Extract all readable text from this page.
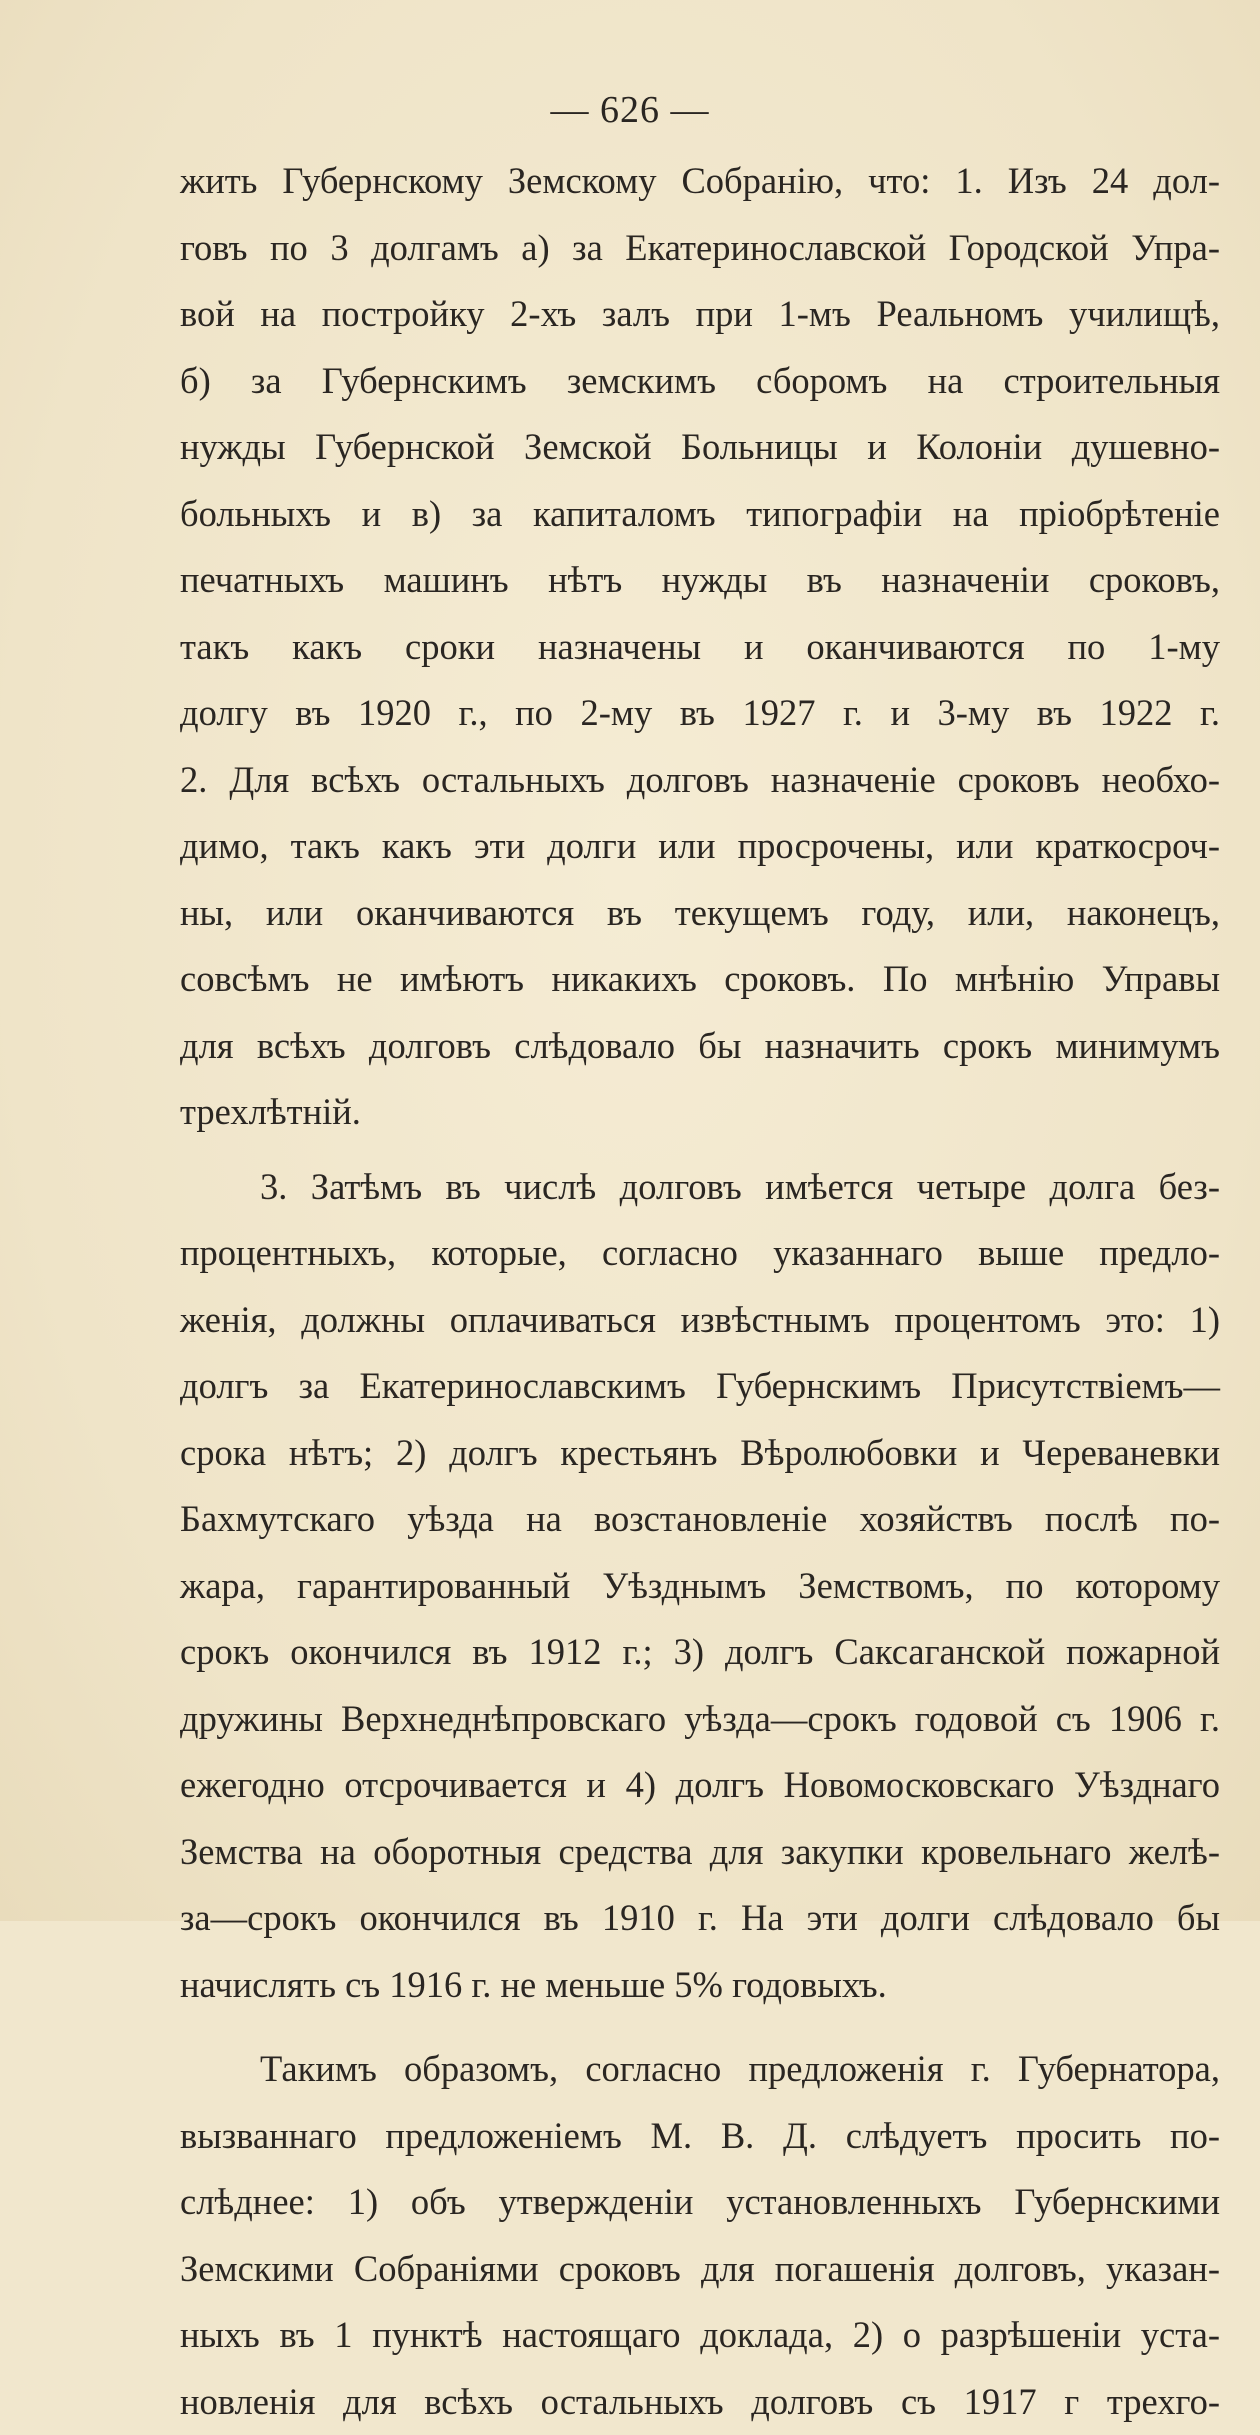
— 626 —
жить Губернскому Земскому Собранію, что: 1. Изъ 24 дол-
говъ по 3 долгамъ а) за Екатеринославской Городской Упра-
вой на постройку 2-хъ залъ при 1-мъ Реальномъ училищѣ,
б) за Губернскимъ земскимъ сборомъ на строительныя
нужды Губернской Земской Больницы и Колоніи душевно-
больныхъ и в) за капиталомъ типографіи на пріобрѣтеніе
печатныхъ машинъ нѣтъ нужды въ назначеніи сроковъ,
такъ какъ сроки назначены и оканчиваются по 1-му
долгу въ 1920 г., по 2-му въ 1927 г. и 3-му въ 1922 г.
2. Для всѣхъ остальныхъ долговъ назначеніе сроковъ необхо-
димо, такъ какъ эти долги или просрочены, или краткосроч-
ны, или оканчиваются въ текущемъ году, или, наконецъ,
совсѣмъ не имѣютъ никакихъ сроковъ. По мнѣнію Управы
для всѣхъ долговъ слѣдовало бы назначить срокъ минимумъ
трехлѣтній.
3. Затѣмъ въ числѣ долговъ имѣется четыре долга без-
процентныхъ, которые, согласно указаннаго выше предло-
женія, должны оплачиваться извѣстнымъ процентомъ это: 1)
долгъ за Екатеринославскимъ Губернскимъ Присутствіемъ—
срока нѣтъ; 2) долгъ крестьянъ Вѣролюбовки и Череваневки
Бахмутскаго уѣзда на возстановленіе хозяйствъ послѣ по-
жара, гарантированный Уѣзднымъ Земствомъ, по которому
срокъ окончился въ 1912 г.; 3) долгъ Саксаганской пожарной
дружины Верхнеднѣпровскаго уѣзда—срокъ годовой съ 1906 г.
ежегодно отсрочивается и 4) долгъ Новомосковскаго Уѣзднаго
Земства на оборотныя средства для закупки кровельнаго желѣ-
за—срокъ окончился въ 1910 г. На эти долги слѣдовало бы
начислять съ 1916 г. не меньше 5% годовыхъ.
Такимъ образомъ, согласно предложенія г. Губернатора,
вызваннаго предложеніемъ М. В. Д. слѣдуетъ просить по-
слѣднее: 1) объ утвержденіи установленныхъ Губернскими
Земскими Собраніями сроковъ для погашенія долговъ, указан-
ныхъ въ 1 пунктѣ настоящаго доклада, 2) о разрѣшеніи уста-
новленія для всѣхъ остальныхъ долговъ съ 1917 г трехго-
